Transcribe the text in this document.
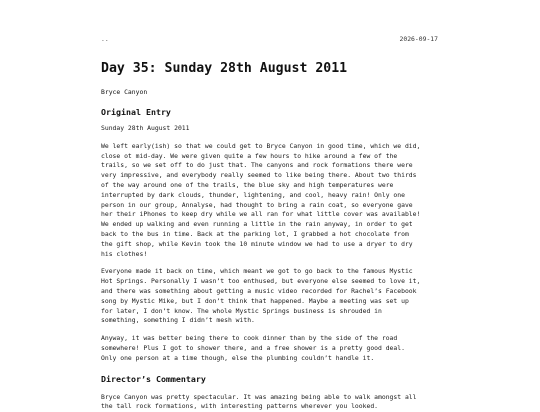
..	2026-09-17
Day 35: Sunday 28th August 2011
Bryce Canyon
Original Entry

Sunday 28th August 2011

We left early(ish) so that we could get to Bryce Canyon in good time, which we did,
close ot mid-day. We were given quite a few hours to hike around a few of the
trails, so we set off to do just that. The canyons and rock formations there were
very impressive, and everybody really seemed to like being there. About two thirds
of the way around one of the trails, the blue sky and high temperatures were
interrupted by dark clouds, thunder, lightening, and cool, heavy rain! Only one
person in our group, Annalyse, had thought to bring a rain coat, so everyone gave
her their iPhones to keep dry while we all ran for what little cover was available!
We ended up walking and even running a little in the rain anyway, in order to get
back to the bus in time. Back at the parking lot, I grabbed a hot chocolate from
the gift shop, while Kevin took the 10 minute window we had to use a dryer to dry
his clothes!

Everyone made it back on time, which meant we got to go back to the famous Mystic
Hot Springs. Personally I wasn’t too enthused, but everyone else seemed to love it,
and there was something about getting a music video recorded for Rachel’s Facebook
song by Mystic Mike, but I don’t think that happened. Maybe a meeting was set up
for later, I don’t know. The whole Mystic Springs business is shrouded in
something, something I didn’t mesh with.

Anyway, it was better being there to cook dinner than by the side of the road
somewhere! Plus I got to shower there, and a free shower is a pretty good deal.
Only one person at a time though, else the plumbing couldn’t handle it.

Director’s Commentary

Bryce Canyon was pretty spectacular. It was amazing being able to walk amongst all
the tall rock formations, with interesting patterns wherever you looked.
